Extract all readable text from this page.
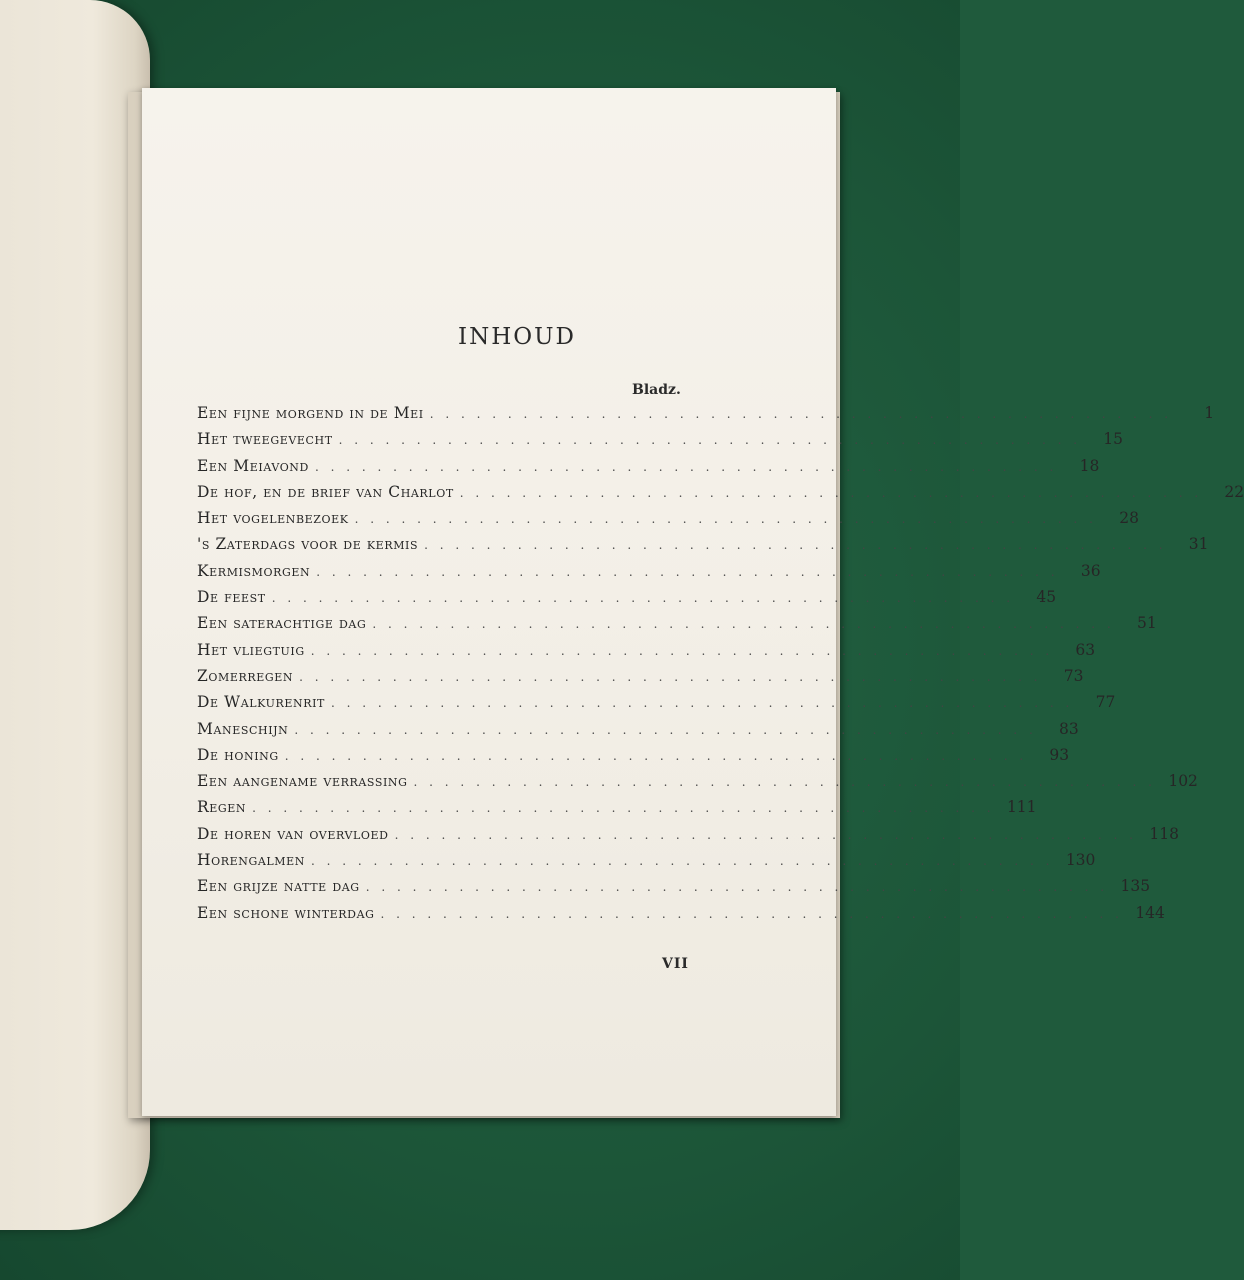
INHOUD
Bladz.
Een fijne morgend in de Mei . . . . . . . . . . . . . . . . . . . . . . . . . . . . . . . . . . . . . . . . . . . . . . . .	1
Het tweegevecht . . . . . . . . . . . . . . . . . . . . . . . . . . . . . . . . . . . . . . . . . . . . . . . .	15
Een Meiavond . . . . . . . . . . . . . . . . . . . . . . . . . . . . . . . . . . . . . . . . . . . . . . . .	18
De hof, en de brief van Charlot . . . . . . . . . . . . . . . . . . . . . . . . . . . . . . . . . . . . . . . . . . . . . . . .	22
Het vogelenbezoek . . . . . . . . . . . . . . . . . . . . . . . . . . . . . . . . . . . . . . . . . . . . . . . .	28
's Zaterdags voor de kermis . . . . . . . . . . . . . . . . . . . . . . . . . . . . . . . . . . . . . . . . . . . . . . . .	31
Kermismorgen . . . . . . . . . . . . . . . . . . . . . . . . . . . . . . . . . . . . . . . . . . . . . . . .	36
De feest . . . . . . . . . . . . . . . . . . . . . . . . . . . . . . . . . . . . . . . . . . . . . . . .	45
Een saterachtige dag . . . . . . . . . . . . . . . . . . . . . . . . . . . . . . . . . . . . . . . . . . . . . . . .	51
Het vliegtuig . . . . . . . . . . . . . . . . . . . . . . . . . . . . . . . . . . . . . . . . . . . . . . . .	63
Zomerregen . . . . . . . . . . . . . . . . . . . . . . . . . . . . . . . . . . . . . . . . . . . . . . . .	73
De Walkurenrit . . . . . . . . . . . . . . . . . . . . . . . . . . . . . . . . . . . . . . . . . . . . . . . .	77
Maneschijn . . . . . . . . . . . . . . . . . . . . . . . . . . . . . . . . . . . . . . . . . . . . . . . .	83
De honing . . . . . . . . . . . . . . . . . . . . . . . . . . . . . . . . . . . . . . . . . . . . . . . .	93
Een aangename verrassing . . . . . . . . . . . . . . . . . . . . . . . . . . . . . . . . . . . . . . . . . . . . . . . . 102
Regen . . . . . . . . . . . . . . . . . . . . . . . . . . . . . . . . . . . . . . . . . . . . . . . . 111
De horen van overvloed . . . . . . . . . . . . . . . . . . . . . . . . . . . . . . . . . . . . . . . . . . . . . . . . 118
Horengalmen . . . . . . . . . . . . . . . . . . . . . . . . . . . . . . . . . . . . . . . . . . . . . . . . 130
Een grijze natte dag . . . . . . . . . . . . . . . . . . . . . . . . . . . . . . . . . . . . . . . . . . . . . . . . 135
Een schone winterdag . . . . . . . . . . . . . . . . . . . . . . . . . . . . . . . . . . . . . . . . . . . . . . . . 144
VII
